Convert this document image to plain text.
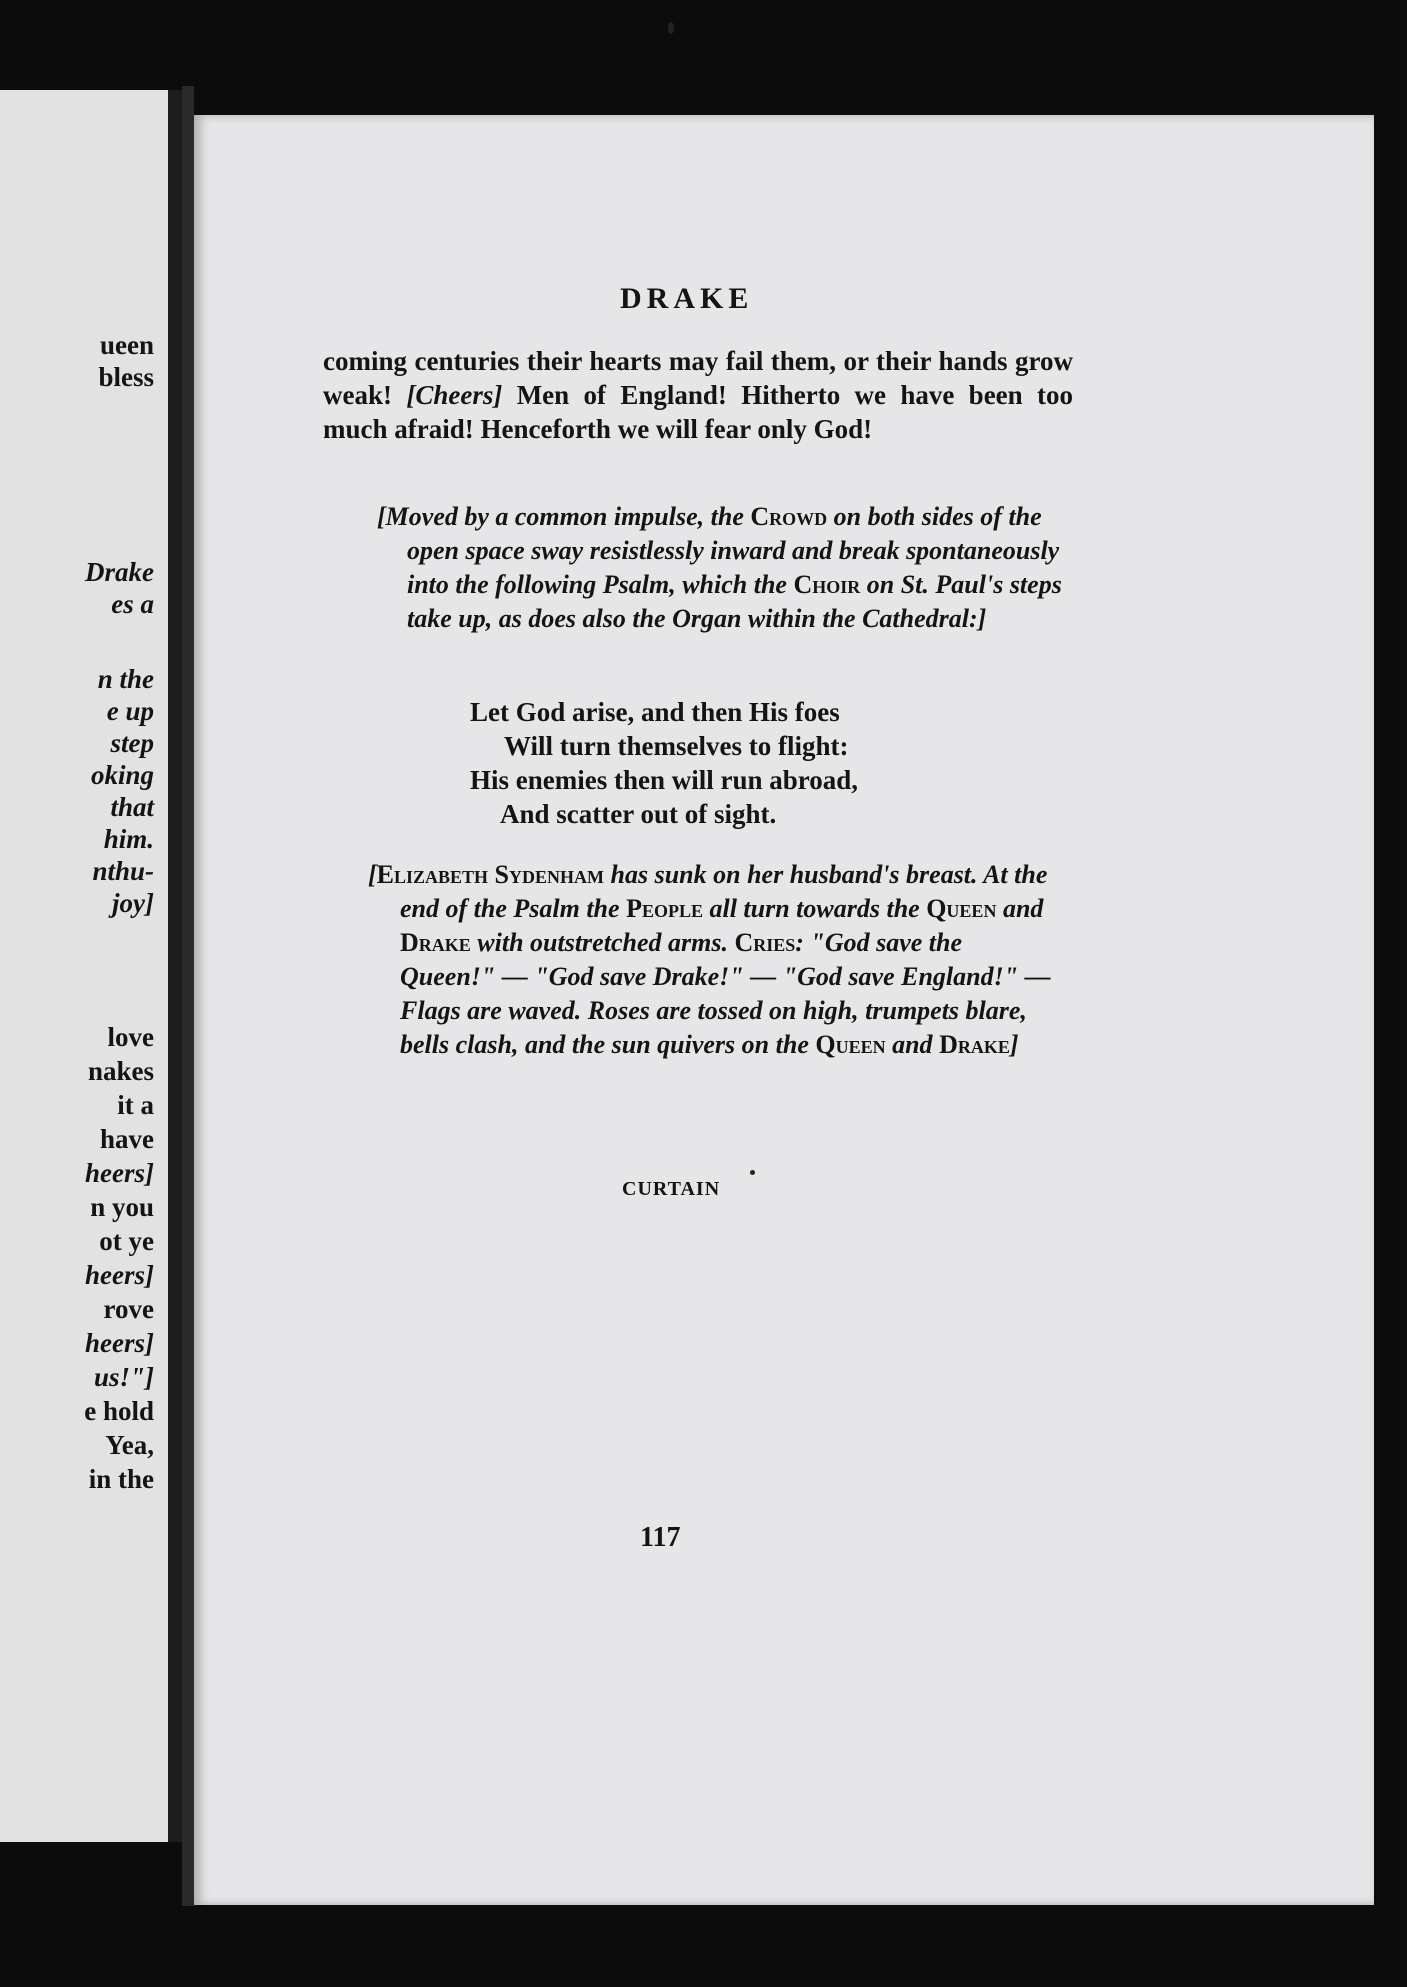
ueen
bless
Drake
es a
n the
e up
step
oking
that
him.
nthu-
joy]
love
nakes
it a
have
heers]
n you
ot ye
heers]
rove
heers]
us!"]
e hold
Yea,
in the
DRAKE

coming centuries their hearts may fail them, or their hands grow weak! [Cheers] Men of England! Hitherto we have been too much afraid! Henceforth we will fear only God!

[Moved by a common impulse, the Crowd on both sides of the open space sway resistlessly inward and break spontaneously into the following Psalm, which the Choir on St. Paul's steps take up, as does also the Organ within the Cathedral:]

Let God arise, and then His foes
Will turn themselves to flight:
His enemies then will run abroad,
And scatter out of sight.

[Elizabeth Sydenham has sunk on her husband's breast. At the end of the Psalm the People all turn towards the Queen and Drake with outstretched arms. Cries: "God save the Queen!" — "God save Drake!" — "God save England!" — Flags are waved. Roses are tossed on high, trumpets blare, bells clash, and the sun quivers on the Queen and Drake]

CURTAIN
117
